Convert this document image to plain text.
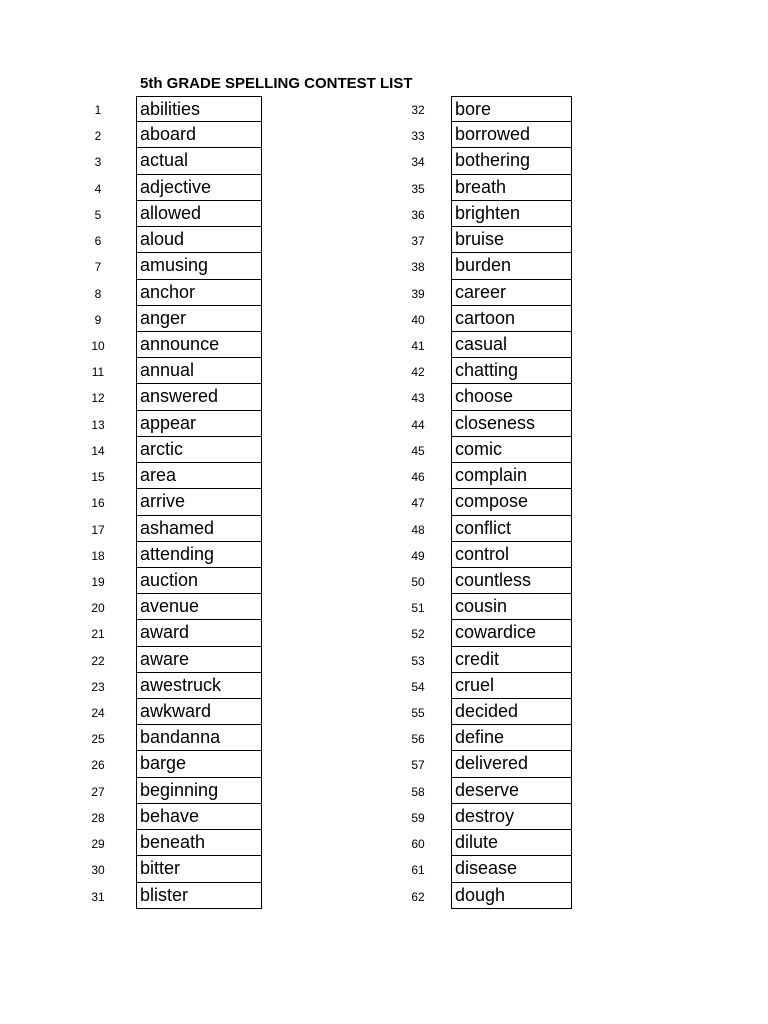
5th GRADE SPELLING CONTEST LIST
1	abilities
2	aboard
3	actual
4	adjective
5	allowed
6	aloud
7	amusing
8	anchor
9	anger
10	announce
11	annual
12	answered
13	appear
14	arctic
15	area
16	arrive
17	ashamed
18	attending
19	auction
20	avenue
21	award
22	aware
23	awestruck
24	awkward
25	bandanna
26	barge
27	beginning
28	behave
29	beneath
30	bitter
31	blister
32	bore
33	borrowed
34	bothering
35	breath
36	brighten
37	bruise
38	burden
39	career
40	cartoon
41	casual
42	chatting
43	choose
44	closeness
45	comic
46	complain
47	compose
48	conflict
49	control
50	countless
51	cousin
52	cowardice
53	credit
54	cruel
55	decided
56	define
57	delivered
58	deserve
59	destroy
60	dilute
61	disease
62	dough
